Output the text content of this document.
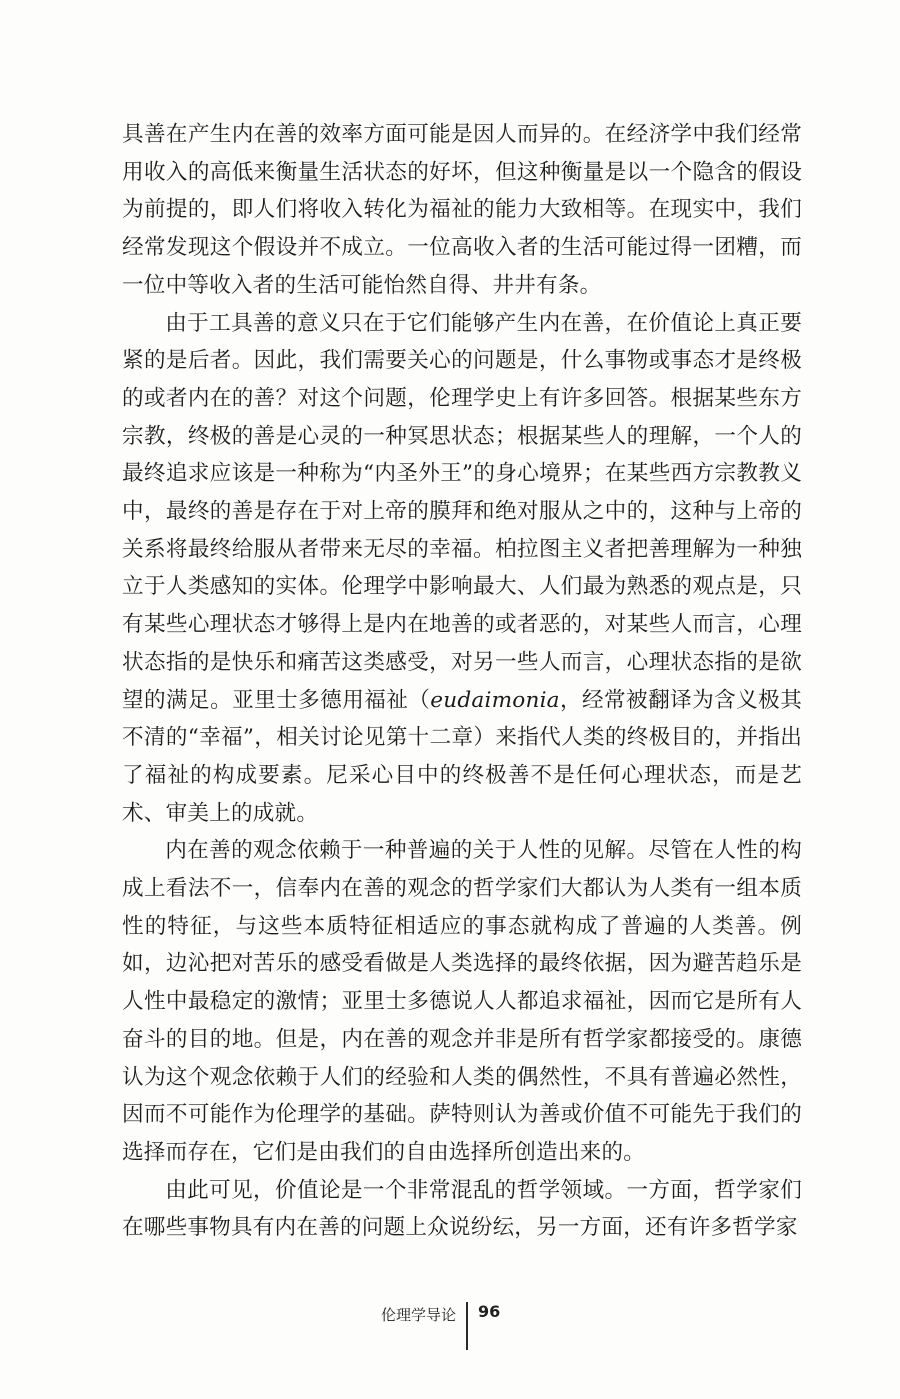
具善在产生内在善的效率方面可能是因人而异的。在经济学中我们经常用收入的高低来衡量生活状态的好坏，但这种衡量是以一个隐含的假设为前提的，即人们将收入转化为福祉的能力大致相等。在现实中，我们经常发现这个假设并不成立。一位高收入者的生活可能过得一团糟，而一位中等收入者的生活可能怡然自得、井井有条。

由于工具善的意义只在于它们能够产生内在善，在价值论上真正要紧的是后者。因此，我们需要关心的问题是，什么事物或事态才是终极的或者内在的善？对这个问题，伦理学史上有许多回答。根据某些东方宗教，终极的善是心灵的一种冥思状态；根据某些人的理解，一个人的最终追求应该是一种称为“内圣外王”的身心境界；在某些西方宗教教义中，最终的善是存在于对上帝的膜拜和绝对服从之中的，这种与上帝的关系将最终给服从者带来无尽的幸福。柏拉图主义者把善理解为一种独立于人类感知的实体。伦理学中影响最大、人们最为熟悉的观点是，只有某些心理状态才够得上是内在地善的或者恶的，对某些人而言，心理状态指的是快乐和痛苦这类感受，对另一些人而言，心理状态指的是欲望的满足。亚里士多德用福祉（eudaimonia，经常被翻译为含义极其不清的“幸福”，相关讨论见第十二章）来指代人类的终极目的，并指出了福祉的构成要素。尼采心目中的终极善不是任何心理状态，而是艺术、审美上的成就。

内在善的观念依赖于一种普遍的关于人性的见解。尽管在人性的构成上看法不一，信奉内在善的观念的哲学家们大都认为人类有一组本质性的特征，与这些本质特征相适应的事态就构成了普遍的人类善。例如，边沁把对苦乐的感受看做是人类选择的最终依据，因为避苦趋乐是人性中最稳定的激情；亚里士多德说人人都追求福祉，因而它是所有人奋斗的目的地。但是，内在善的观念并非是所有哲学家都接受的。康德认为这个观念依赖于人们的经验和人类的偶然性，不具有普遍必然性，因而不可能作为伦理学的基础。萨特则认为善或价值不可能先于我们的选择而存在，它们是由我们的自由选择所创造出来的。

由此可见，价值论是一个非常混乱的哲学领域。一方面，哲学家们在哪些事物具有内在善的问题上众说纷纭，另一方面，还有许多哲学家

伦理学导论 96
